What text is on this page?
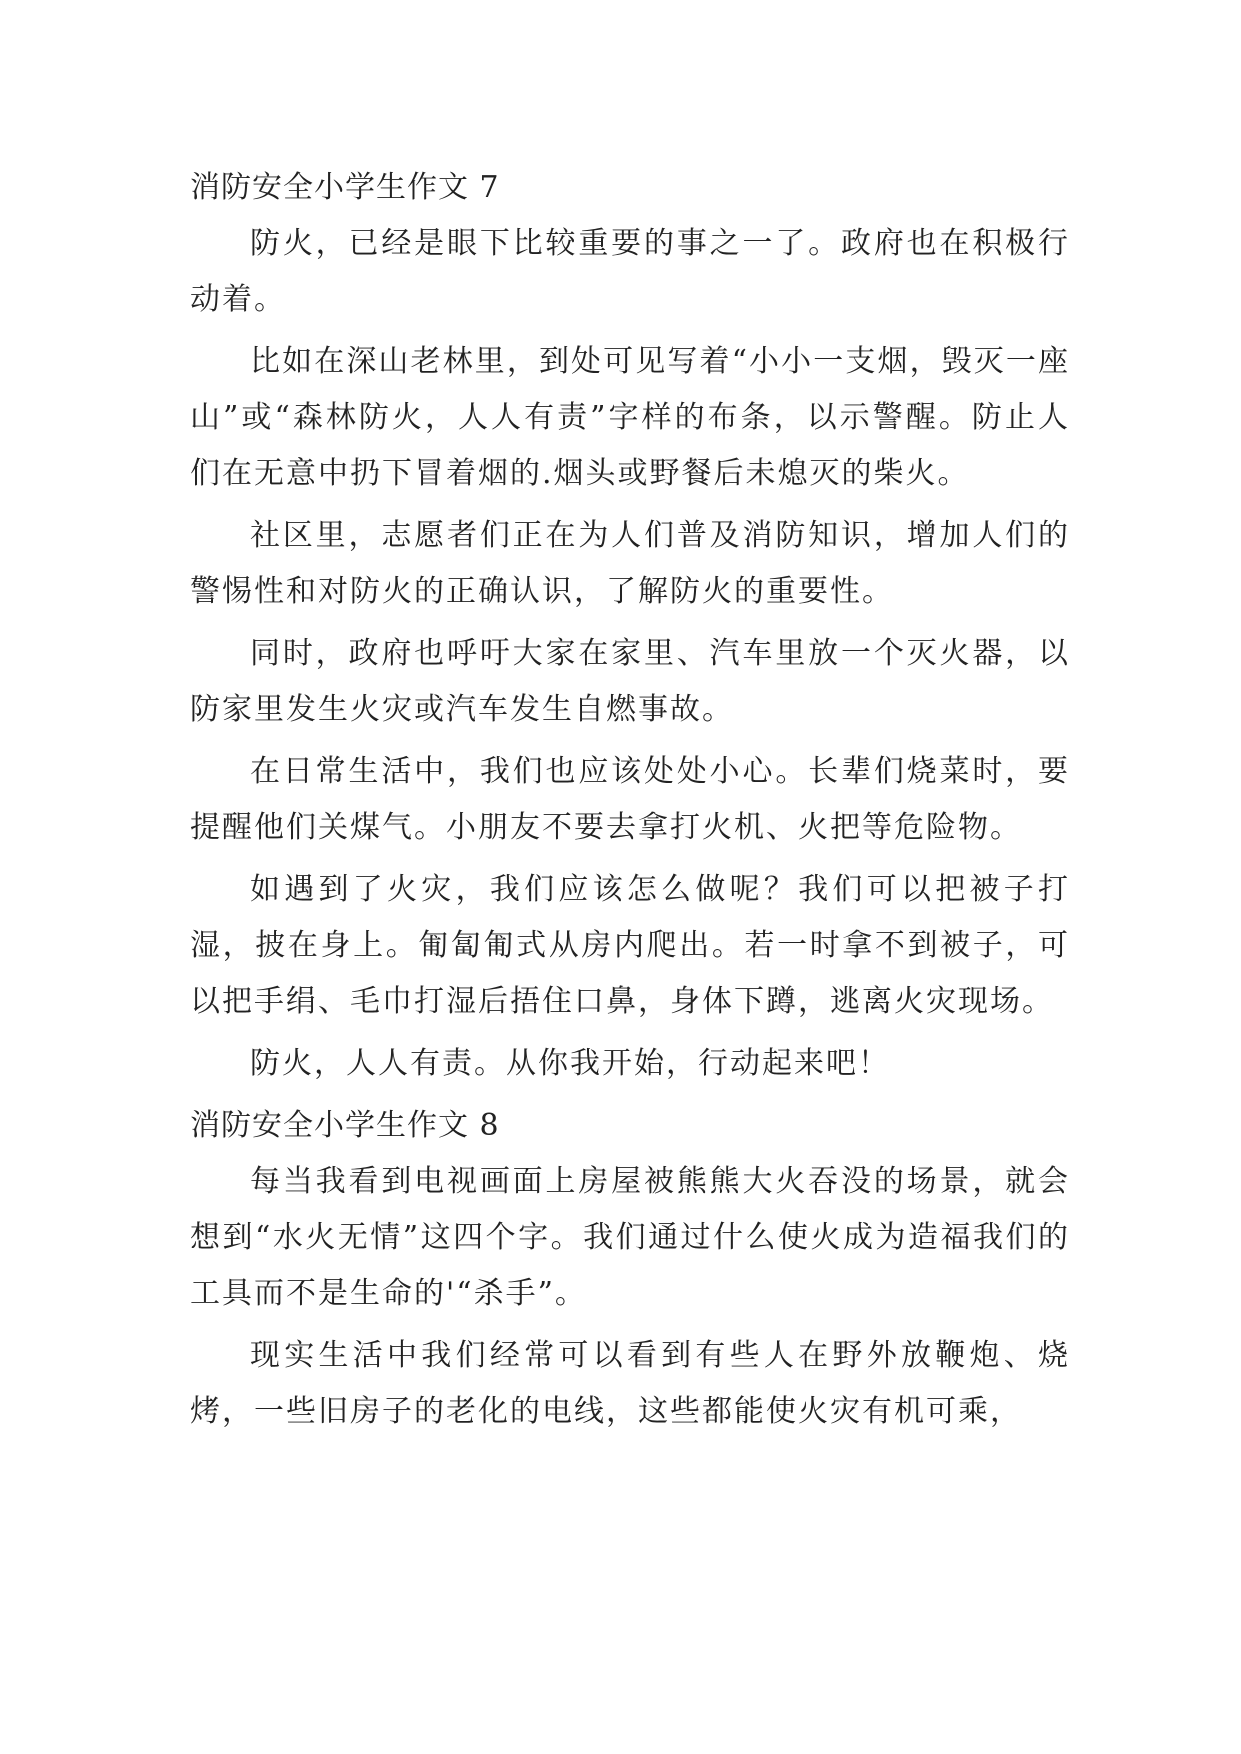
消防安全小学生作文 7

防火，已经是眼下比较重要的事之一了。政府也在积极行动着。

比如在深山老林里，到处可见写着“小小一支烟，毁灭一座山”或“森林防火，人人有责”字样的布条，以示警醒。防止人们在无意中扔下冒着烟的.烟头或野餐后未熄灭的柴火。

社区里，志愿者们正在为人们普及消防知识，增加人们的警惕性和对防火的正确认识，了解防火的重要性。

同时，政府也呼吁大家在家里、汽车里放一个灭火器，以防家里发生火灾或汽车发生自燃事故。

在日常生活中，我们也应该处处小心。长辈们烧菜时，要提醒他们关煤气。小朋友不要去拿打火机、火把等危险物。

如遇到了火灾，我们应该怎么做呢？我们可以把被子打湿，披在身上。匍匐匍式从房内爬出。若一时拿不到被子，可以把手绢、毛巾打湿后捂住口鼻，身体下蹲，逃离火灾现场。

防火，人人有责。从你我开始，行动起来吧！

消防安全小学生作文 8

每当我看到电视画面上房屋被熊熊大火吞没的场景，就会想到“水火无情”这四个字。我们通过什么使火成为造福我们的工具而不是生命的'“杀手”。

现实生活中我们经常可以看到有些人在野外放鞭炮、烧烤，一些旧房子的老化的电线，这些都能使火灾有机可乘，
